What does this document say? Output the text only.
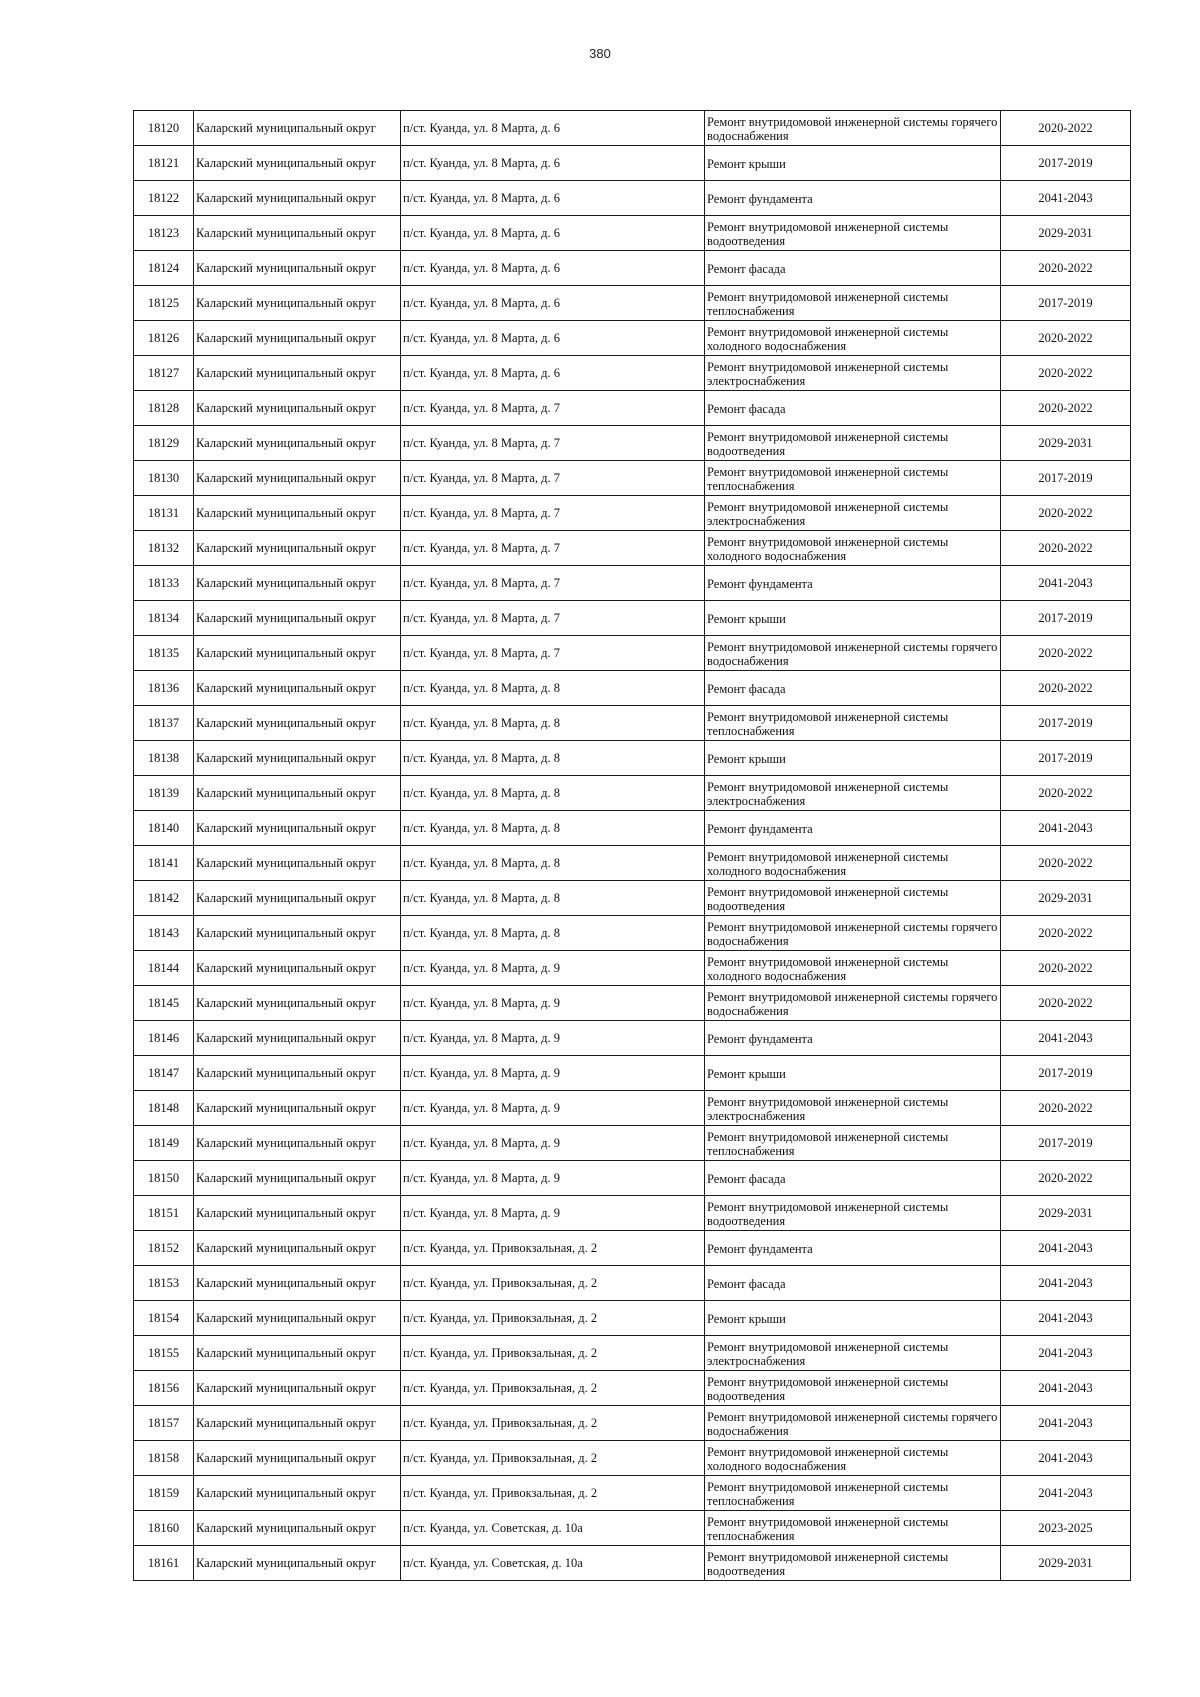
380
18120	Каларский муниципальный округ	п/ст. Куанда, ул. 8 Марта, д. 6	Ремонт внутридомовой инженерной системы горячего водоснабжения	2020-2022
18121	Каларский муниципальный округ	п/ст. Куанда, ул. 8 Марта, д. 6	Ремонт крыши	2017-2019
18122	Каларский муниципальный округ	п/ст. Куанда, ул. 8 Марта, д. 6	Ремонт фундамента	2041-2043
18123	Каларский муниципальный округ	п/ст. Куанда, ул. 8 Марта, д. 6	Ремонт внутридомовой инженерной системы водоотведения	2029-2031
18124	Каларский муниципальный округ	п/ст. Куанда, ул. 8 Марта, д. 6	Ремонт фасада	2020-2022
18125	Каларский муниципальный округ	п/ст. Куанда, ул. 8 Марта, д. 6	Ремонт внутридомовой инженерной системы теплоснабжения	2017-2019
18126	Каларский муниципальный округ	п/ст. Куанда, ул. 8 Марта, д. 6	Ремонт внутридомовой инженерной системы холодного водоснабжения	2020-2022
18127	Каларский муниципальный округ	п/ст. Куанда, ул. 8 Марта, д. 6	Ремонт внутридомовой инженерной системы электроснабжения	2020-2022
18128	Каларский муниципальный округ	п/ст. Куанда, ул. 8 Марта, д. 7	Ремонт фасада	2020-2022
18129	Каларский муниципальный округ	п/ст. Куанда, ул. 8 Марта, д. 7	Ремонт внутридомовой инженерной системы водоотведения	2029-2031
18130	Каларский муниципальный округ	п/ст. Куанда, ул. 8 Марта, д. 7	Ремонт внутридомовой инженерной системы теплоснабжения	2017-2019
18131	Каларский муниципальный округ	п/ст. Куанда, ул. 8 Марта, д. 7	Ремонт внутридомовой инженерной системы электроснабжения	2020-2022
18132	Каларский муниципальный округ	п/ст. Куанда, ул. 8 Марта, д. 7	Ремонт внутридомовой инженерной системы холодного водоснабжения	2020-2022
18133	Каларский муниципальный округ	п/ст. Куанда, ул. 8 Марта, д. 7	Ремонт фундамента	2041-2043
18134	Каларский муниципальный округ	п/ст. Куанда, ул. 8 Марта, д. 7	Ремонт крыши	2017-2019
18135	Каларский муниципальный округ	п/ст. Куанда, ул. 8 Марта, д. 7	Ремонт внутридомовой инженерной системы горячего водоснабжения	2020-2022
18136	Каларский муниципальный округ	п/ст. Куанда, ул. 8 Марта, д. 8	Ремонт фасада	2020-2022
18137	Каларский муниципальный округ	п/ст. Куанда, ул. 8 Марта, д. 8	Ремонт внутридомовой инженерной системы теплоснабжения	2017-2019
18138	Каларский муниципальный округ	п/ст. Куанда, ул. 8 Марта, д. 8	Ремонт крыши	2017-2019
18139	Каларский муниципальный округ	п/ст. Куанда, ул. 8 Марта, д. 8	Ремонт внутридомовой инженерной системы электроснабжения	2020-2022
18140	Каларский муниципальный округ	п/ст. Куанда, ул. 8 Марта, д. 8	Ремонт фундамента	2041-2043
18141	Каларский муниципальный округ	п/ст. Куанда, ул. 8 Марта, д. 8	Ремонт внутридомовой инженерной системы холодного водоснабжения	2020-2022
18142	Каларский муниципальный округ	п/ст. Куанда, ул. 8 Марта, д. 8	Ремонт внутридомовой инженерной системы водоотведения	2029-2031
18143	Каларский муниципальный округ	п/ст. Куанда, ул. 8 Марта, д. 8	Ремонт внутридомовой инженерной системы горячего водоснабжения	2020-2022
18144	Каларский муниципальный округ	п/ст. Куанда, ул. 8 Марта, д. 9	Ремонт внутридомовой инженерной системы холодного водоснабжения	2020-2022
18145	Каларский муниципальный округ	п/ст. Куанда, ул. 8 Марта, д. 9	Ремонт внутридомовой инженерной системы горячего водоснабжения	2020-2022
18146	Каларский муниципальный округ	п/ст. Куанда, ул. 8 Марта, д. 9	Ремонт фундамента	2041-2043
18147	Каларский муниципальный округ	п/ст. Куанда, ул. 8 Марта, д. 9	Ремонт крыши	2017-2019
18148	Каларский муниципальный округ	п/ст. Куанда, ул. 8 Марта, д. 9	Ремонт внутридомовой инженерной системы электроснабжения	2020-2022
18149	Каларский муниципальный округ	п/ст. Куанда, ул. 8 Марта, д. 9	Ремонт внутридомовой инженерной системы теплоснабжения	2017-2019
18150	Каларский муниципальный округ	п/ст. Куанда, ул. 8 Марта, д. 9	Ремонт фасада	2020-2022
18151	Каларский муниципальный округ	п/ст. Куанда, ул. 8 Марта, д. 9	Ремонт внутридомовой инженерной системы водоотведения	2029-2031
18152	Каларский муниципальный округ	п/ст. Куанда, ул. Привокзальная, д. 2	Ремонт фундамента	2041-2043
18153	Каларский муниципальный округ	п/ст. Куанда, ул. Привокзальная, д. 2	Ремонт фасада	2041-2043
18154	Каларский муниципальный округ	п/ст. Куанда, ул. Привокзальная, д. 2	Ремонт крыши	2041-2043
18155	Каларский муниципальный округ	п/ст. Куанда, ул. Привокзальная, д. 2	Ремонт внутридомовой инженерной системы электроснабжения	2041-2043
18156	Каларский муниципальный округ	п/ст. Куанда, ул. Привокзальная, д. 2	Ремонт внутридомовой инженерной системы водоотведения	2041-2043
18157	Каларский муниципальный округ	п/ст. Куанда, ул. Привокзальная, д. 2	Ремонт внутридомовой инженерной системы горячего водоснабжения	2041-2043
18158	Каларский муниципальный округ	п/ст. Куанда, ул. Привокзальная, д. 2	Ремонт внутридомовой инженерной системы холодного водоснабжения	2041-2043
18159	Каларский муниципальный округ	п/ст. Куанда, ул. Привокзальная, д. 2	Ремонт внутридомовой инженерной системы теплоснабжения	2041-2043
18160	Каларский муниципальный округ	п/ст. Куанда, ул. Советская, д. 10а	Ремонт внутридомовой инженерной системы теплоснабжения	2023-2025
18161	Каларский муниципальный округ	п/ст. Куанда, ул. Советская, д. 10а	Ремонт внутридомовой инженерной системы водоотведения	2029-2031
